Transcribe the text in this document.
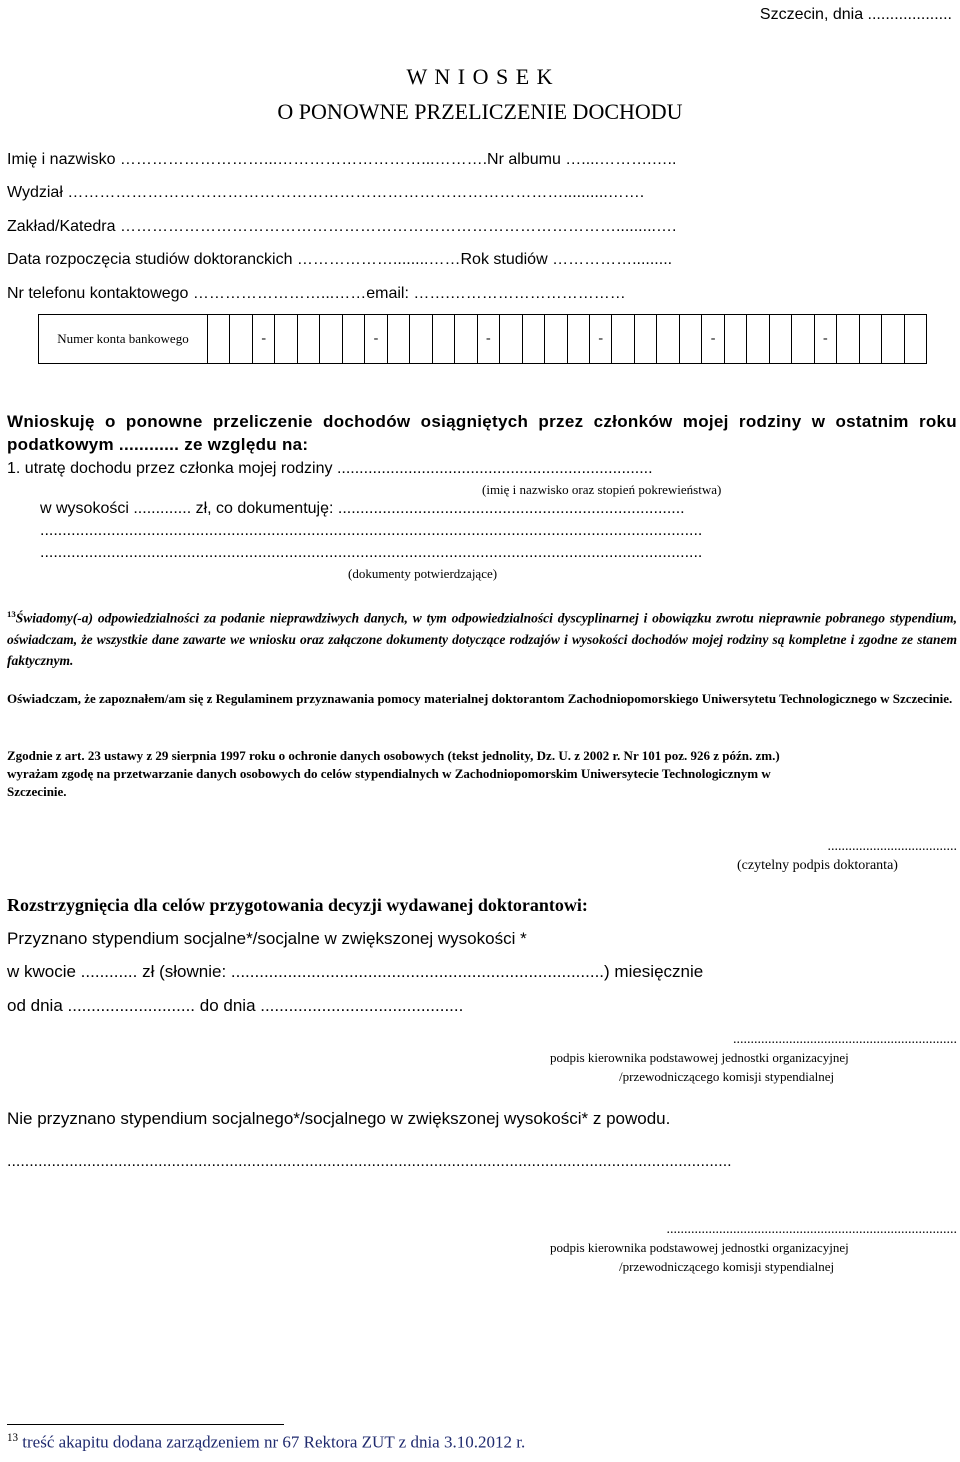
Szczecin, dnia ...................
W N I O S E K
O PONOWNE PRZELICZENIE DOCHODU
Imię i nazwisko ………………………...………………………...……….Nr albumu …....……….…..
Wydział …………………………………………………………………………………..........…….
Zakład/Katedra ………………………………………………………………………………….........….
Data rozpoczęcia studiów doktoranckich ………………........……Rok studiów …………….........
Nr telefonu kontaktowego ……………………...……email: …….……………………………
Numer konta bankowego	-	-	-	-	-	-
Wnioskuję o ponowne przeliczenie dochodów osiągniętych przez członków mojej rodziny w ostatnim roku podatkowym ............ ze względu na:
1. utratę dochodu przez członka mojej rodziny .......................................................................
(imię i nazwisko oraz stopień pokrewieństwa)
w wysokości ............. zł, co dokumentuję: ..............................................................................
.....................................................................................................................................................
.....................................................................................................................................................
(dokumenty potwierdzające)
$^{13}$Świadomy(-a) odpowiedzialności za podanie nieprawdziwych danych, w tym odpowiedzialności dyscyplinarnej i obowiązku zwrotu nieprawnie pobranego stypendium, oświadczam, że wszystkie dane zawarte we wniosku oraz załączone dokumenty dotyczące rodzajów i wysokości dochodów mojej rodziny są kompletne i zgodne ze stanem faktycznym.
Oświadczam, że zapoznałem/am się z Regulaminem przyznawania pomocy materialnej doktorantom Zachodniopomorskiego Uniwersytetu Technologicznego w Szczecinie.
Zgodnie z art. 23 ustawy z 29 sierpnia 1997 roku o ochronie danych osobowych (tekst jednolity, Dz. U. z 2002 r. Nr 101 poz. 926 z późn. zm.)
wyrażam zgodę na przetwarzanie danych osobowych do celów stypendialnych w Zachodniopomorskim Uniwersytecie Technologicznym w
Szczecinie.
.....................................
(czytelny podpis doktoranta)
Rozstrzygnięcia dla celów przygotowania decyzji wydawanej doktorantowi:
Przyznano stypendium socjalne*/socjalne w zwiększonej wysokości *
w kwocie ............ zł (słownie: ...............................................................................) miesięcznie
od dnia ........................... do dnia ...........................................
................................................................
podpis kierownika podstawowej jednostki organizacyjnej
/przewodniczącego komisji stypendialnej
Nie przyznano stypendium socjalnego*/socjalnego w zwiększonej wysokości* z powodu.
...................................................................................................................................................................
...................................................................................
podpis kierownika podstawowej jednostki organizacyjnej
/przewodniczącego komisji stypendialnej
$^{13}$ treść akapitu dodana zarządzeniem nr 67 Rektora ZUT z dnia 3.10.2012 r.
